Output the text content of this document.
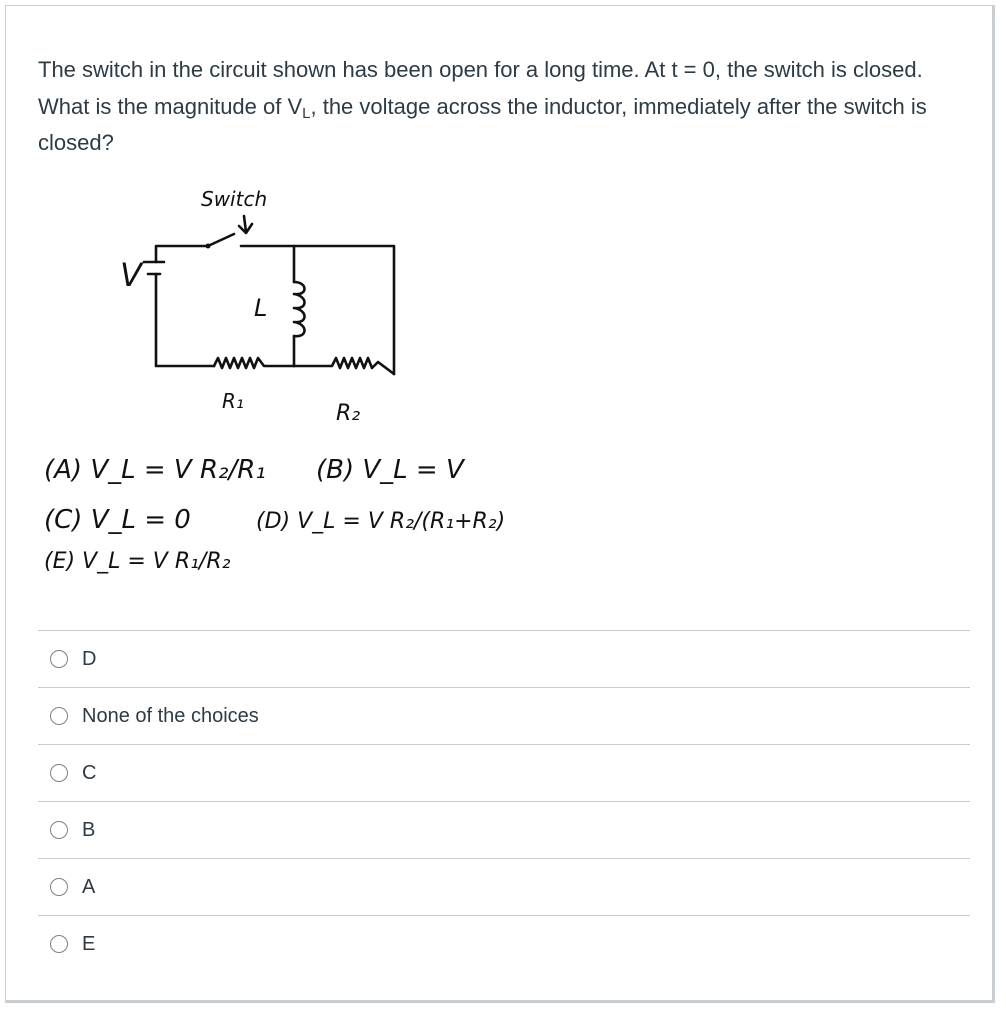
The switch in the circuit shown has been open for a long time. At t = 0, the switch is closed. What is the magnitude of $V_L$, the voltage across the inductor, immediately after the switch is closed?
Switch
V
L
R₁	R₂
(A) V_L = V R₂/R₁ (B) V_L = V
(C) V_L = 0	(D) V_L = V R₂/(R₁+R₂)
(E) V_L = V R₁/R₂
D
None of the choices
C
B
A
E
